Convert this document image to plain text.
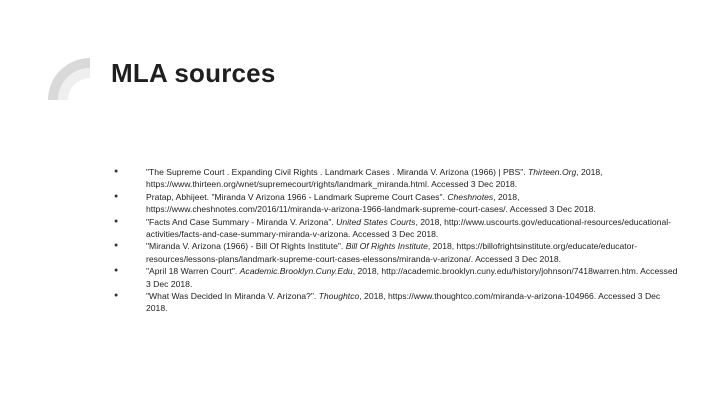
MLA sources
●	"The Supreme Court . Expanding Civil Rights . Landmark Cases . Miranda V. Arizona (1966) | PBS". Thirteen.Org, 2018, https://www.thirteen.org/wnet/supremecourt/rights/landmark_miranda.html. Accessed 3 Dec 2018.
●	Pratap, Abhijeet. "Miranda V Arizona 1966 - Landmark Supreme Court Cases". Cheshnotes, 2018, https://www.cheshnotes.com/2016/11/miranda-v-arizona-1966-landmark-supreme-court-cases/. Accessed 3 Dec 2018.
●	"Facts And Case Summary - Miranda V. Arizona". United States Courts, 2018, http://www.uscourts.gov/educational-resources/educational-activities/facts-and-case-summary-miranda-v-arizona. Accessed 3 Dec 2018.
●	"Miranda V. Arizona (1966) - Bill Of Rights Institute". Bill Of Rights Institute, 2018, https://billofrightsinstitute.org/educate/educator-resources/lessons-plans/landmark-supreme-court-cases-elessons/miranda-v-arizona/. Accessed 3 Dec 2018.
●	"April 18 Warren Court". Academic.Brooklyn.Cuny.Edu, 2018, http://academic.brooklyn.cuny.edu/history/johnson/7418warren.htm. Accessed 3 Dec 2018.
●	"What Was Decided In Miranda V. Arizona?". Thoughtco, 2018, https://www.thoughtco.com/miranda-v-arizona-104966. Accessed 3 Dec 2018.
